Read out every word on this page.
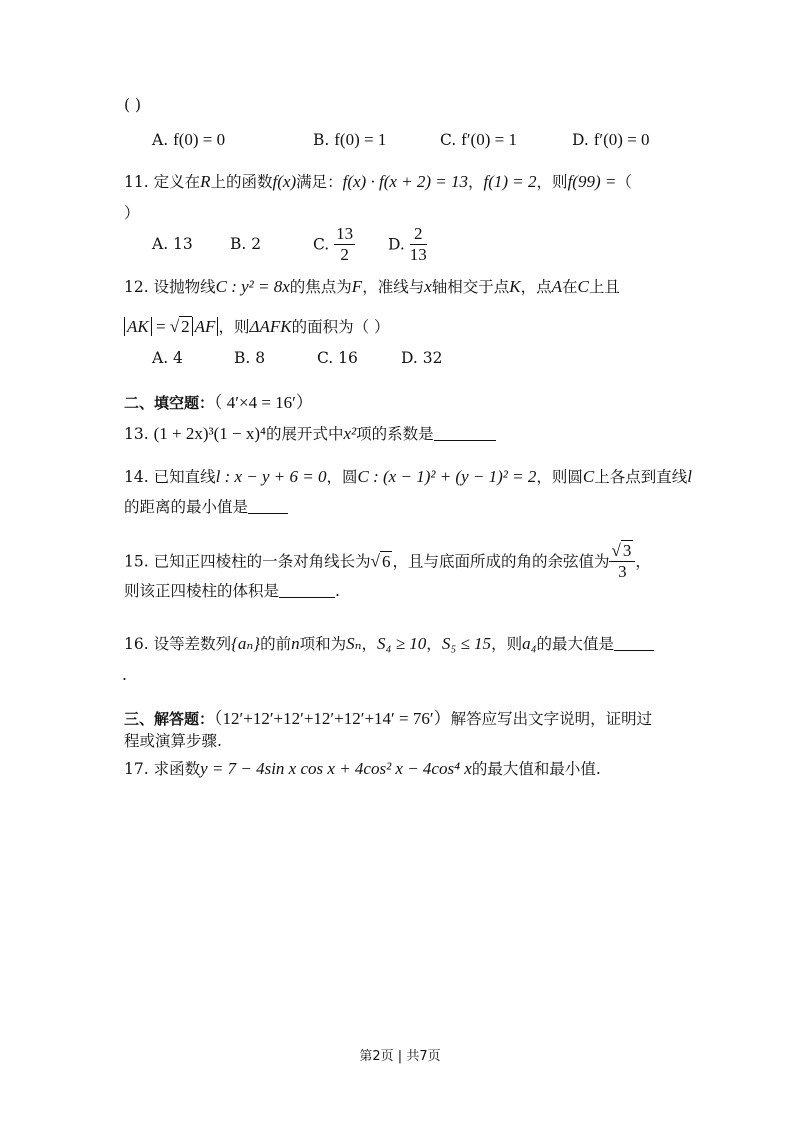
( )
A. f(0) = 0	B. f(0) = 1	C. f′(0) = 1	D. f′(0) = 0
11. 定义在R上的函数f(x)满足：f(x) · f(x + 2) = 13，f(1) = 2，则f(99) =（
）
A. 13 B. 2	C. $\frac{13}{2} D$. $\frac{2}{13}$
12. 设抛物线C : y² = 8x的焦点为F，准线与x轴相交于点K，点A在C上且
AK = √ 2 AF ，则ΔAFK的面积为（ ）
A. 4	B. 8	C. 16	D. 32
二、填空题：（ 4′×4 = 16′）
13. (1 + 2x)³(1 − x)⁴的展开式中x²项的系数是
14. 已知直线l : x − y + 6 = 0，圆C : (x − 1)² + (y − 1)² = 2，则圆C上各点到直线l
的距离的最小值是
15. 已知正四棱柱的一条对角线长为√ 6 ，且与底面所成的角的余弦值为 $\frac{√ 3}{3}$ ，
则该正四棱柱的体积是	.
16. 设等差数列{aₙ}的前n项和为Sₙ，S₄ ≥ 10，S₅ ≤ 15，则a₄的最大值是
.
三、解答题：（12′+12′+12′+12′+12′+14′ = 76′）解答应写出文字说明，证明过
程或演算步骤.
17. 求函数y = 7 − 4sin x cos x + 4cos² x − 4cos⁴ x的最大值和最小值.
第2页 | 共7页
